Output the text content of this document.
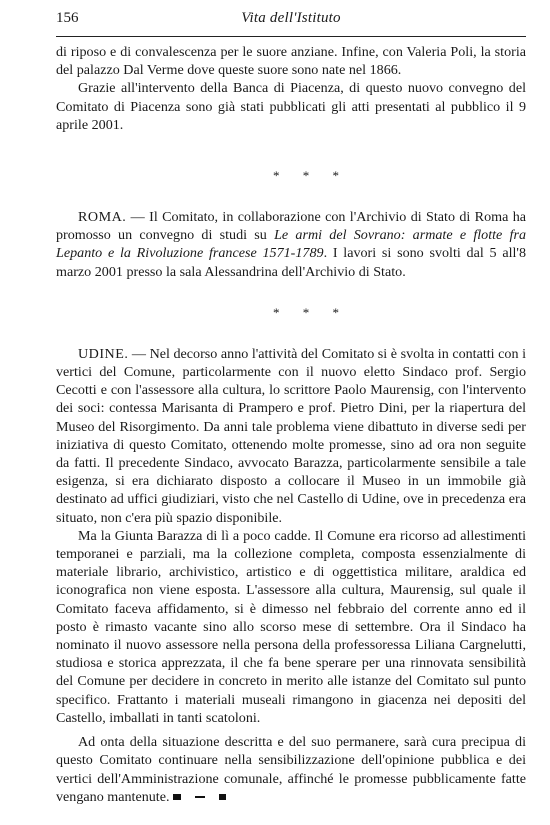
156	Vita dell'Istituto

di riposo e di convalescenza per le suore anziane. Infine, con Valeria Poli, la storia del palazzo Dal Verme dove queste suore sono nate nel 1866.

Grazie all'intervento della Banca di Piacenza, di questo nuovo convegno del Comitato di Piacenza sono già stati pubblicati gli atti presentati al pubblico il 9 aprile 2001.

* * *

ROMA. — Il Comitato, in collaborazione con l'Archivio di Stato di Roma ha promosso un convegno di studi su Le armi del Sovrano: armate e flotte fra Lepanto e la Rivoluzione francese 1571-1789. I lavori si sono svolti dal 5 all'8 marzo 2001 presso la sala Alessandrina dell'Archivio di Stato.

* * *

UDINE. — Nel decorso anno l'attività del Comitato si è svolta in contatti con i vertici del Comune, particolarmente con il nuovo eletto Sindaco prof. Sergio Cecotti e con l'assessore alla cultura, lo scrittore Paolo Maurensig, con l'intervento dei soci: contessa Marisanta di Prampero e prof. Pietro Dini, per la riapertura del Museo del Risorgimento. Da anni tale problema viene dibattuto in diverse sedi per iniziativa di questo Comitato, ottenendo molte promesse, sino ad ora non seguite da fatti. Il precedente Sindaco, avvocato Barazza, particolarmente sensibile a tale esigenza, si era dichiarato disposto a collocare il Museo in un immobile già destinato ad uffici giudiziari, visto che nel Castello di Udine, ove in precedenza era situato, non c'era più spazio disponibile.

Ma la Giunta Barazza di lì a poco cadde. Il Comune era ricorso ad allestimenti temporanei e parziali, ma la collezione completa, composta essenzialmente di materiale librario, archivistico, artistico e di oggettistica militare, araldica ed iconografica non viene esposta. L'assessore alla cultura, Maurensig, sul quale il Comitato faceva affidamento, si è dimesso nel febbraio del corrente anno ed il posto è rimasto vacante sino allo scorso mese di settembre. Ora il Sindaco ha nominato il nuovo assessore nella persona della professoressa Liliana Cargnelutti, studiosa e storica apprezzata, il che fa bene sperare per una rinnovata sensibilità del Comune per decidere in concreto in merito alle istanze del Comitato sul punto specifico. Frattanto i materiali museali rimangono in giacenza nei depositi del Castello, imballati in tanti scatoloni.

Ad onta della situazione descritta e del suo permanere, sarà cura precipua di questo Comitato continuare nella sensibilizzazione dell'opinione pubblica e dei vertici dell'Amministrazione comunale, affinché le promesse pubblicamente fatte vengano mantenute.
